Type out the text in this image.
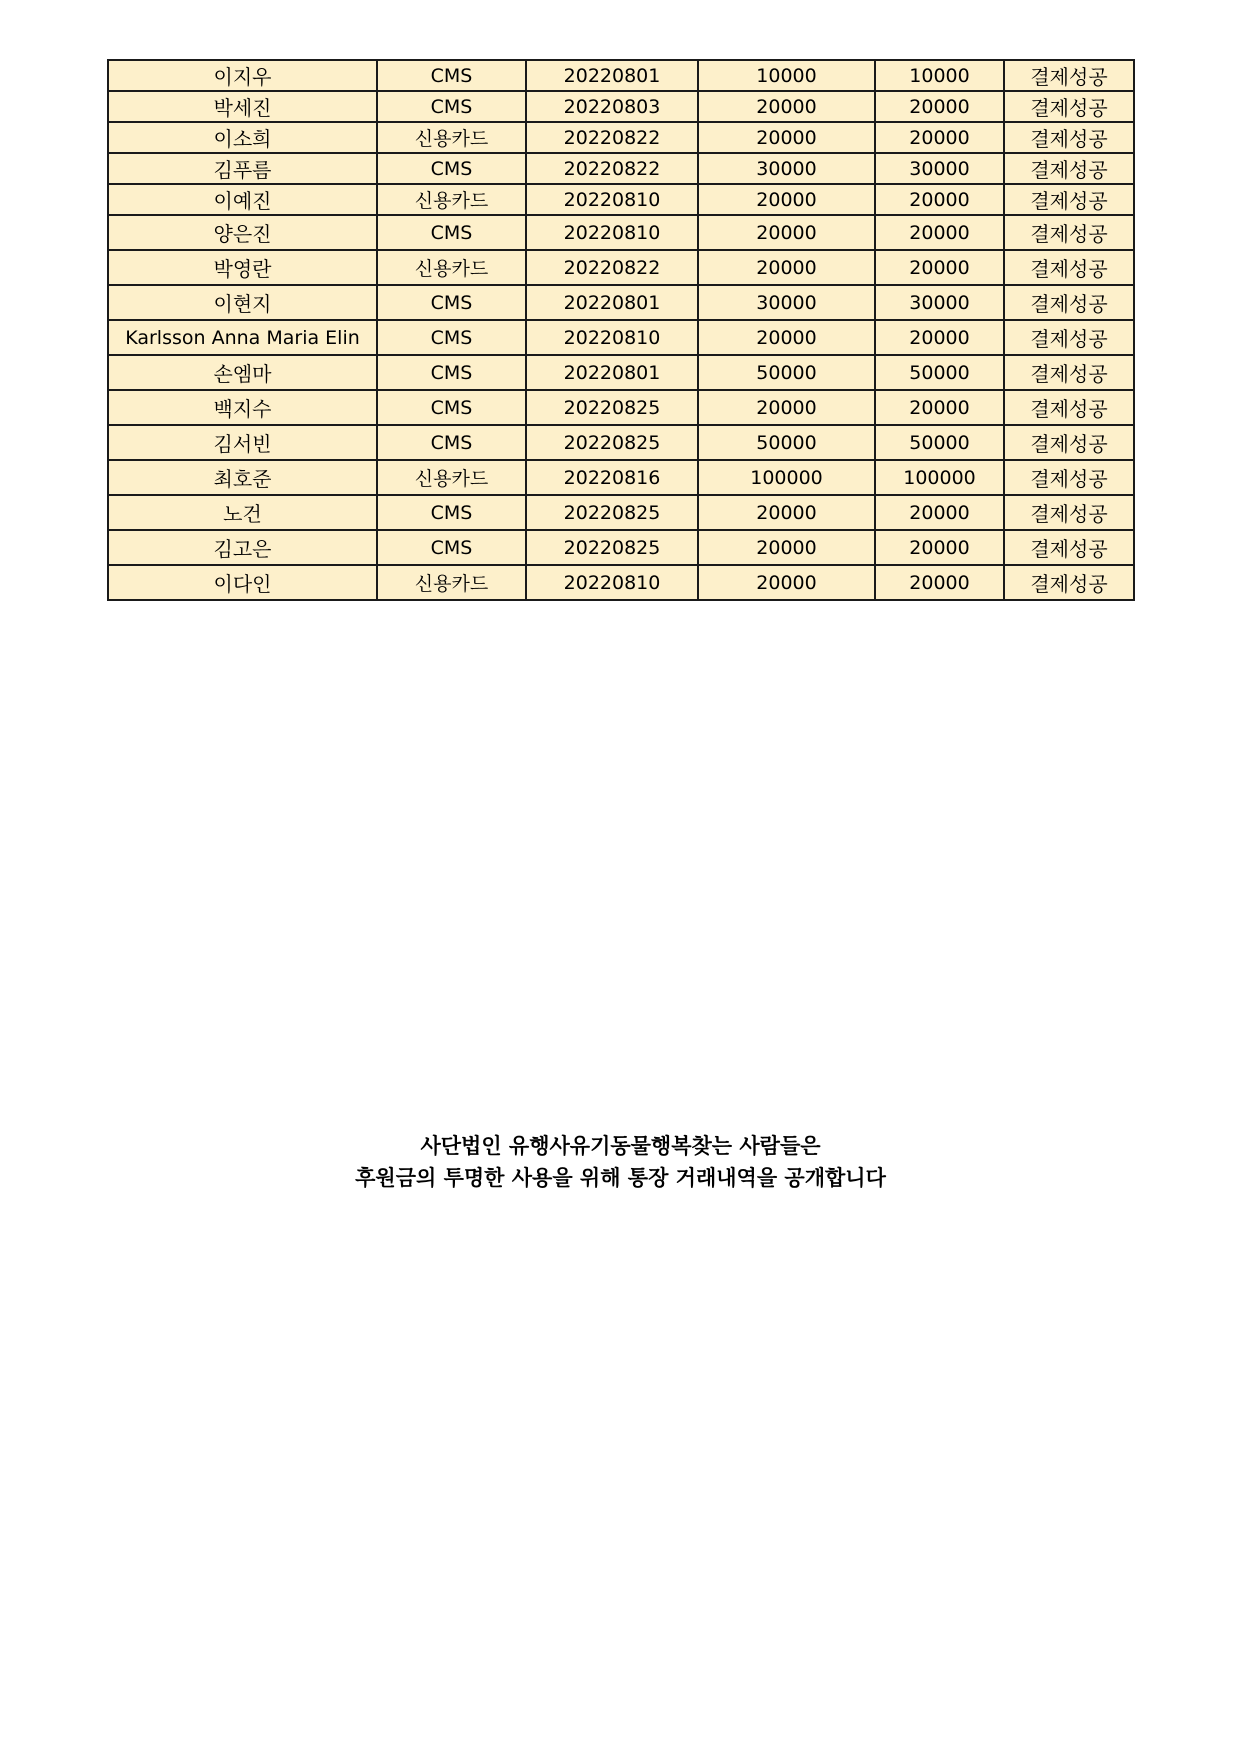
이지우	CMS	20220801	10000	10000	결제성공
박세진	CMS	20220803	20000	20000	결제성공
이소희	신용카드	20220822	20000	20000	결제성공
김푸름	CMS	20220822	30000	30000	결제성공
이예진	신용카드	20220810	20000	20000	결제성공
양은진	CMS	20220810	20000	20000	결제성공
박영란	신용카드	20220822	20000	20000	결제성공
이현지	CMS	20220801	30000	30000	결제성공
Karlsson Anna Maria Elin	CMS	20220810	20000	20000	결제성공
손엠마	CMS	20220801	50000	50000	결제성공
백지수	CMS	20220825	20000	20000	결제성공
김서빈	CMS	20220825	50000	50000	결제성공
최호준	신용카드	20220816	100000	100000	결제성공
노건	CMS	20220825	20000	20000	결제성공
김고은	CMS	20220825	20000	20000	결제성공
이다인	신용카드	20220810	20000	20000	결제성공
사단법인 유행사유기동물행복찾는 사람들은
후원금의 투명한 사용을 위해 통장 거래내역을 공개합니다
